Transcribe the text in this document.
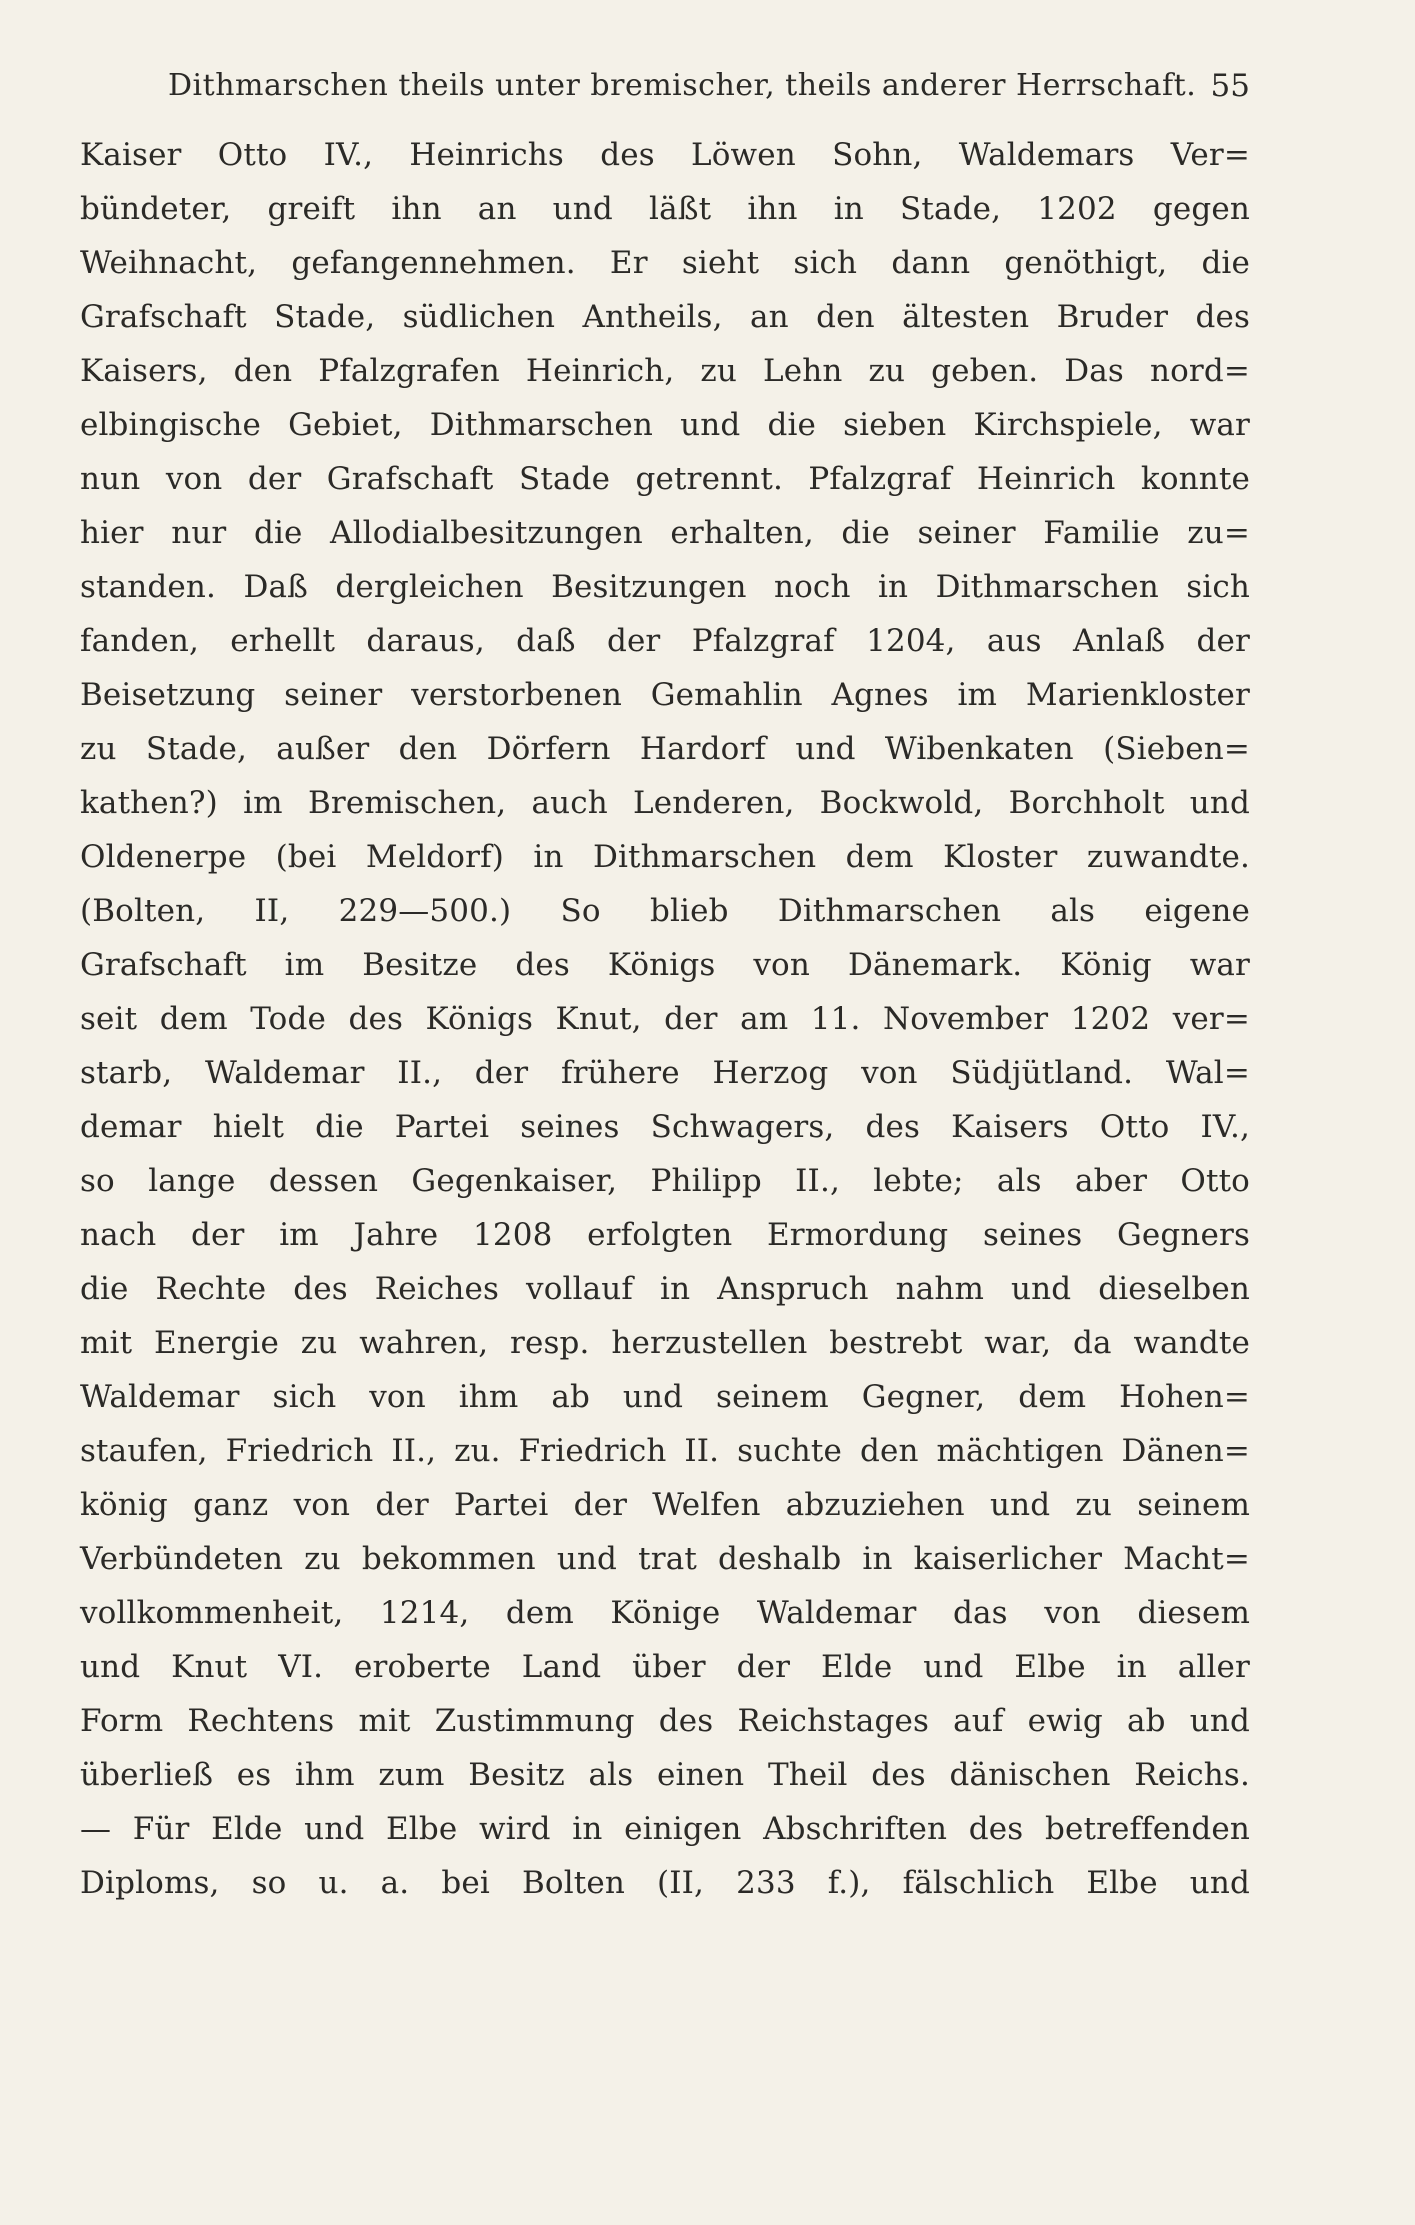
Dithmarschen theils unter bremischer, theils anderer Herrschaft. 55
Kaiser Otto IV., Heinrichs des Löwen Sohn, Waldemars Ver=
bündeter, greift ihn an und läßt ihn in Stade, 1202 gegen
Weihnacht, gefangennehmen. Er sieht sich dann genöthigt, die
Grafschaft Stade, südlichen Antheils, an den ältesten Bruder des
Kaisers, den Pfalzgrafen Heinrich, zu Lehn zu geben. Das nord=
elbingische Gebiet, Dithmarschen und die sieben Kirchspiele, war
nun von der Grafschaft Stade getrennt. Pfalzgraf Heinrich konnte
hier nur die Allodialbesitzungen erhalten, die seiner Familie zu=
standen. Daß dergleichen Besitzungen noch in Dithmarschen sich
fanden, erhellt daraus, daß der Pfalzgraf 1204, aus Anlaß der
Beisetzung seiner verstorbenen Gemahlin Agnes im Marienkloster
zu Stade, außer den Dörfern Hardorf und Wibenkaten (Sieben=
kathen?) im Bremischen, auch Lenderen, Bockwold, Borchholt und
Oldenerpe (bei Meldorf) in Dithmarschen dem Kloster zuwandte.
(Bolten, II, 229—500.) So blieb Dithmarschen als eigene
Grafschaft im Besitze des Königs von Dänemark. König war
seit dem Tode des Königs Knut, der am 11. November 1202 ver=
starb, Waldemar II., der frühere Herzog von Südjütland. Wal=
demar hielt die Partei seines Schwagers, des Kaisers Otto IV.,
so lange dessen Gegenkaiser, Philipp II., lebte; als aber Otto
nach der im Jahre 1208 erfolgten Ermordung seines Gegners
die Rechte des Reiches vollauf in Anspruch nahm und dieselben
mit Energie zu wahren, resp. herzustellen bestrebt war, da wandte
Waldemar sich von ihm ab und seinem Gegner, dem Hohen=
staufen, Friedrich II., zu. Friedrich II. suchte den mächtigen Dänen=
könig ganz von der Partei der Welfen abzuziehen und zu seinem
Verbündeten zu bekommen und trat deshalb in kaiserlicher Macht=
vollkommenheit, 1214, dem Könige Waldemar das von diesem
und Knut VI. eroberte Land über der Elde und Elbe in aller
Form Rechtens mit Zustimmung des Reichstages auf ewig ab und
überließ es ihm zum Besitz als einen Theil des dänischen Reichs.
— Für Elde und Elbe wird in einigen Abschriften des betreffenden
Diploms, so u. a. bei Bolten (II, 233 f.), fälschlich Elbe und
